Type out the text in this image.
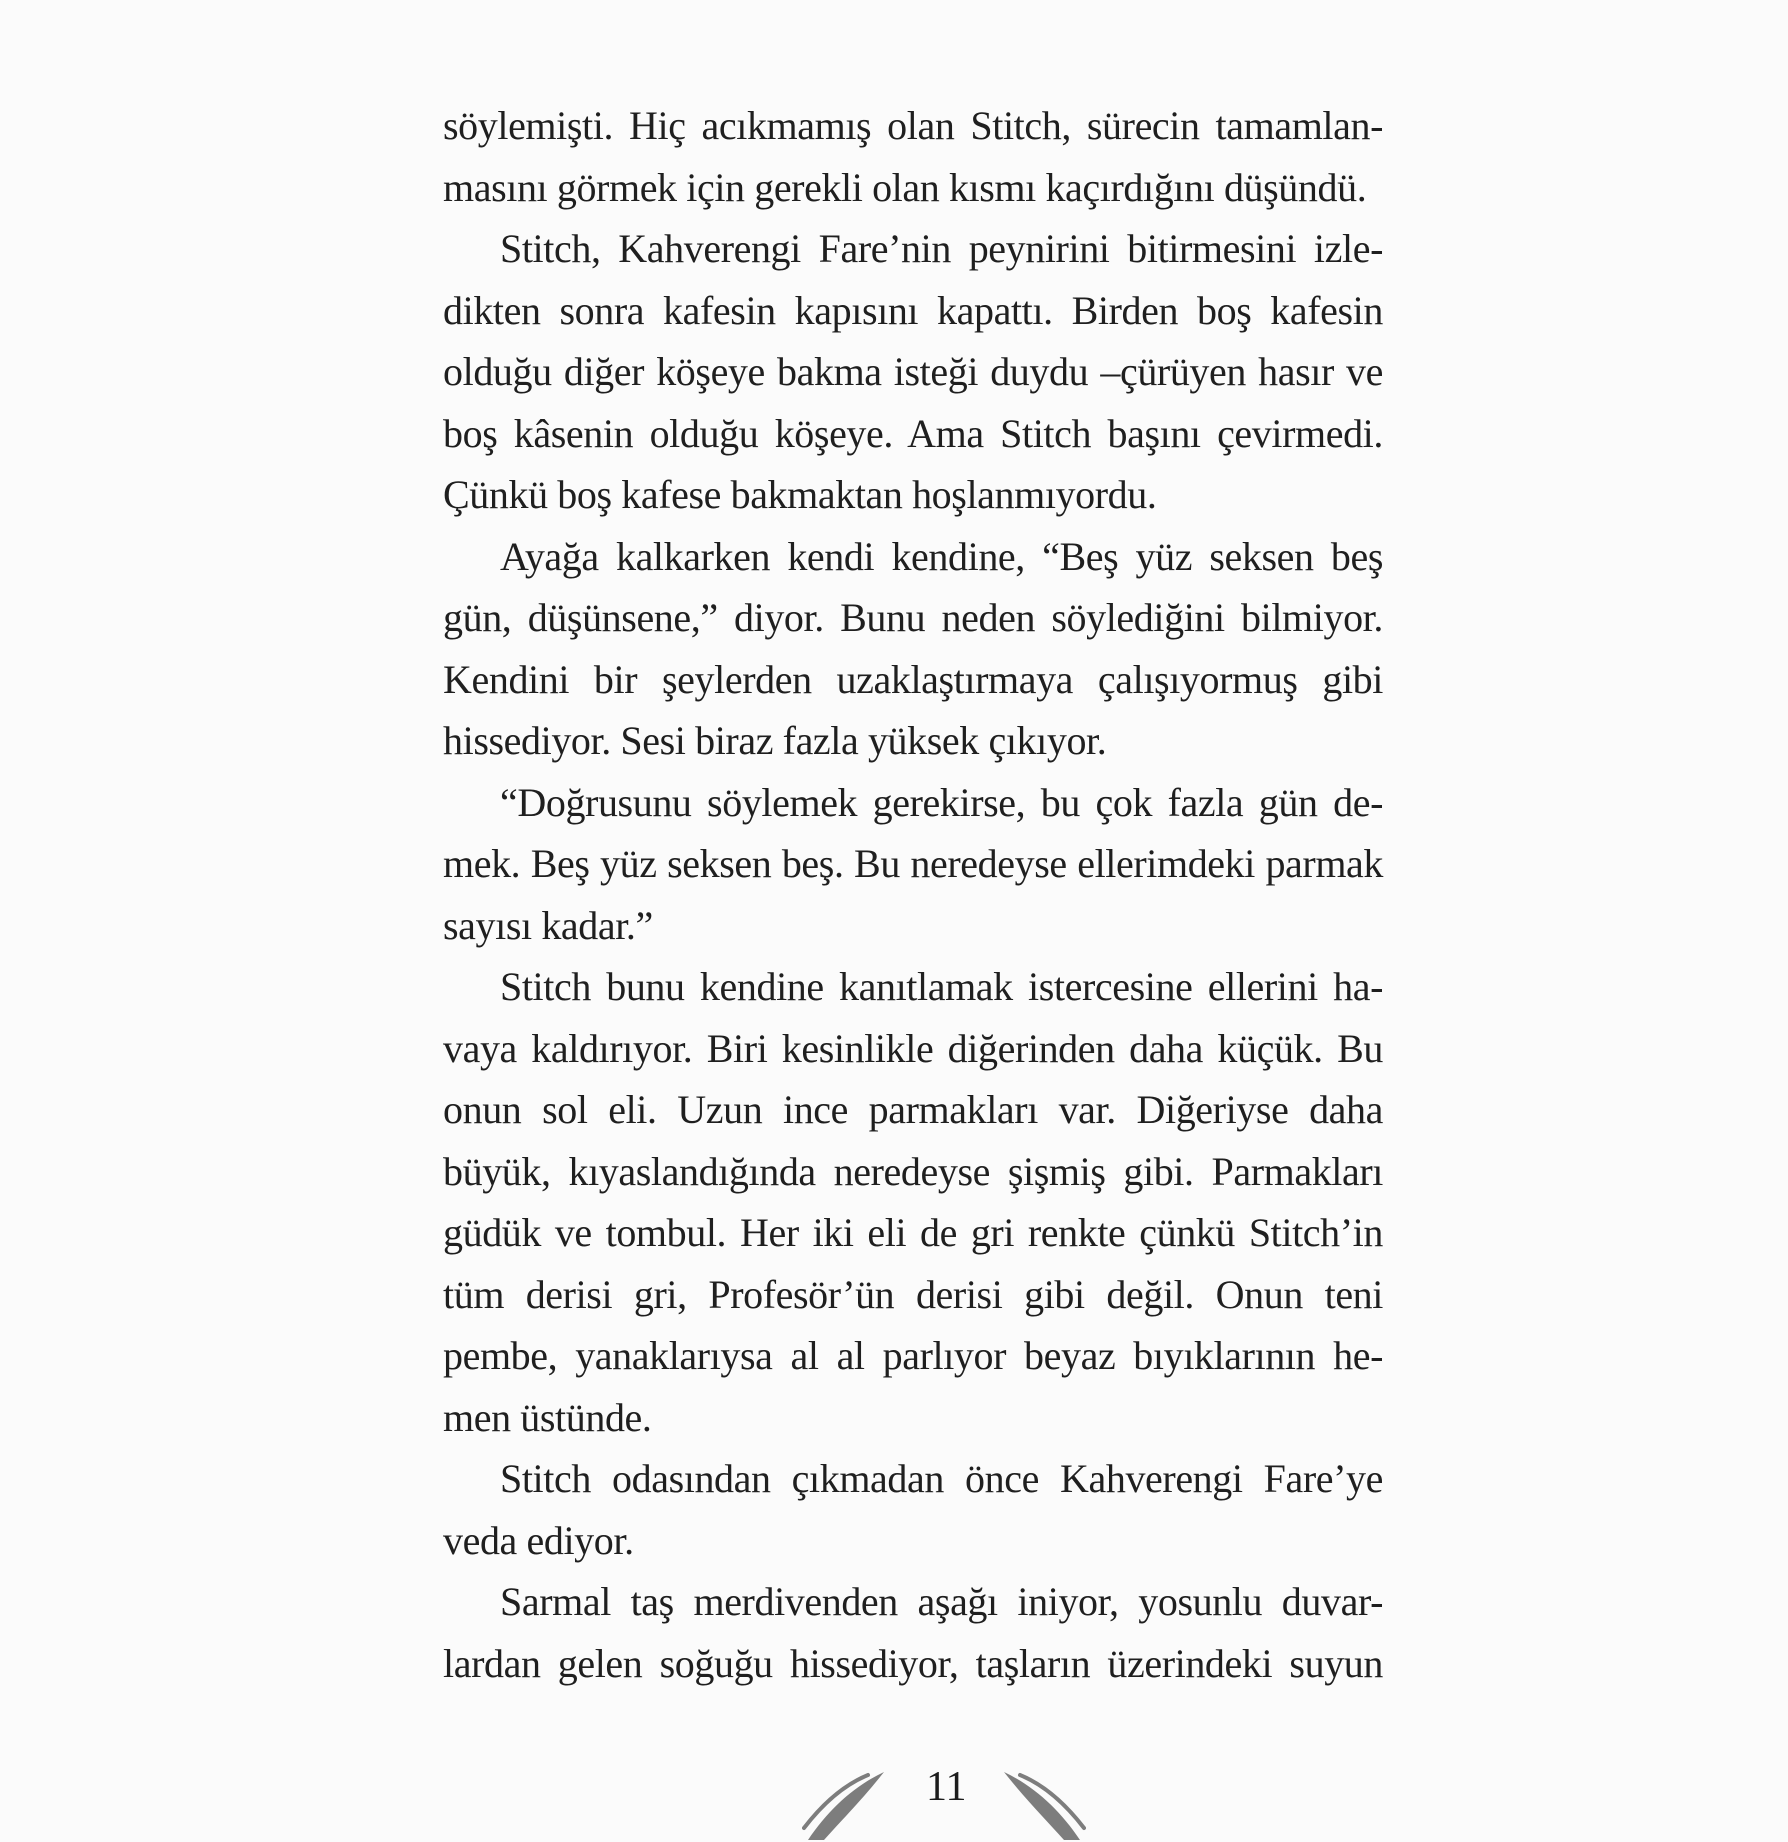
söylemişti. Hiç acıkmamış olan Stitch, sürecin tamamlan-
masını görmek için gerekli olan kısmı kaçırdığını düşündü.
Stitch, Kahverengi Fare’nin peynirini bitirmesini izle-
dikten sonra kafesin kapısını kapattı. Birden boş kafesin
olduğu diğer köşeye bakma isteği duydu –çürüyen hasır ve
boş kâsenin olduğu köşeye. Ama Stitch başını çevirmedi.
Çünkü boş kafese bakmaktan hoşlanmıyordu.
Ayağa kalkarken kendi kendine, “Beş yüz seksen beş
gün, düşünsene,” diyor. Bunu neden söylediğini bilmiyor.
Kendini bir şeylerden uzaklaştırmaya çalışıyormuş gibi
hissediyor. Sesi biraz fazla yüksek çıkıyor.
“Doğrusunu söylemek gerekirse, bu çok fazla gün de-
mek. Beş yüz seksen beş. Bu neredeyse ellerimdeki parmak
sayısı kadar.”
Stitch bunu kendine kanıtlamak istercesine ellerini ha-
vaya kaldırıyor. Biri kesinlikle diğerinden daha küçük. Bu
onun sol eli. Uzun ince parmakları var. Diğeriyse daha
büyük, kıyaslandığında neredeyse şişmiş gibi. Parmakları
güdük ve tombul. Her iki eli de gri renkte çünkü Stitch’in
tüm derisi gri, Profesör’ün derisi gibi değil. Onun teni
pembe, yanaklarıysa al al parlıyor beyaz bıyıklarının he-
men üstünde.
Stitch odasından çıkmadan önce Kahverengi Fare’ye
veda ediyor.
Sarmal taş merdivenden aşağı iniyor, yosunlu duvar-
lardan gelen soğuğu hissediyor, taşların üzerindeki suyun
11
